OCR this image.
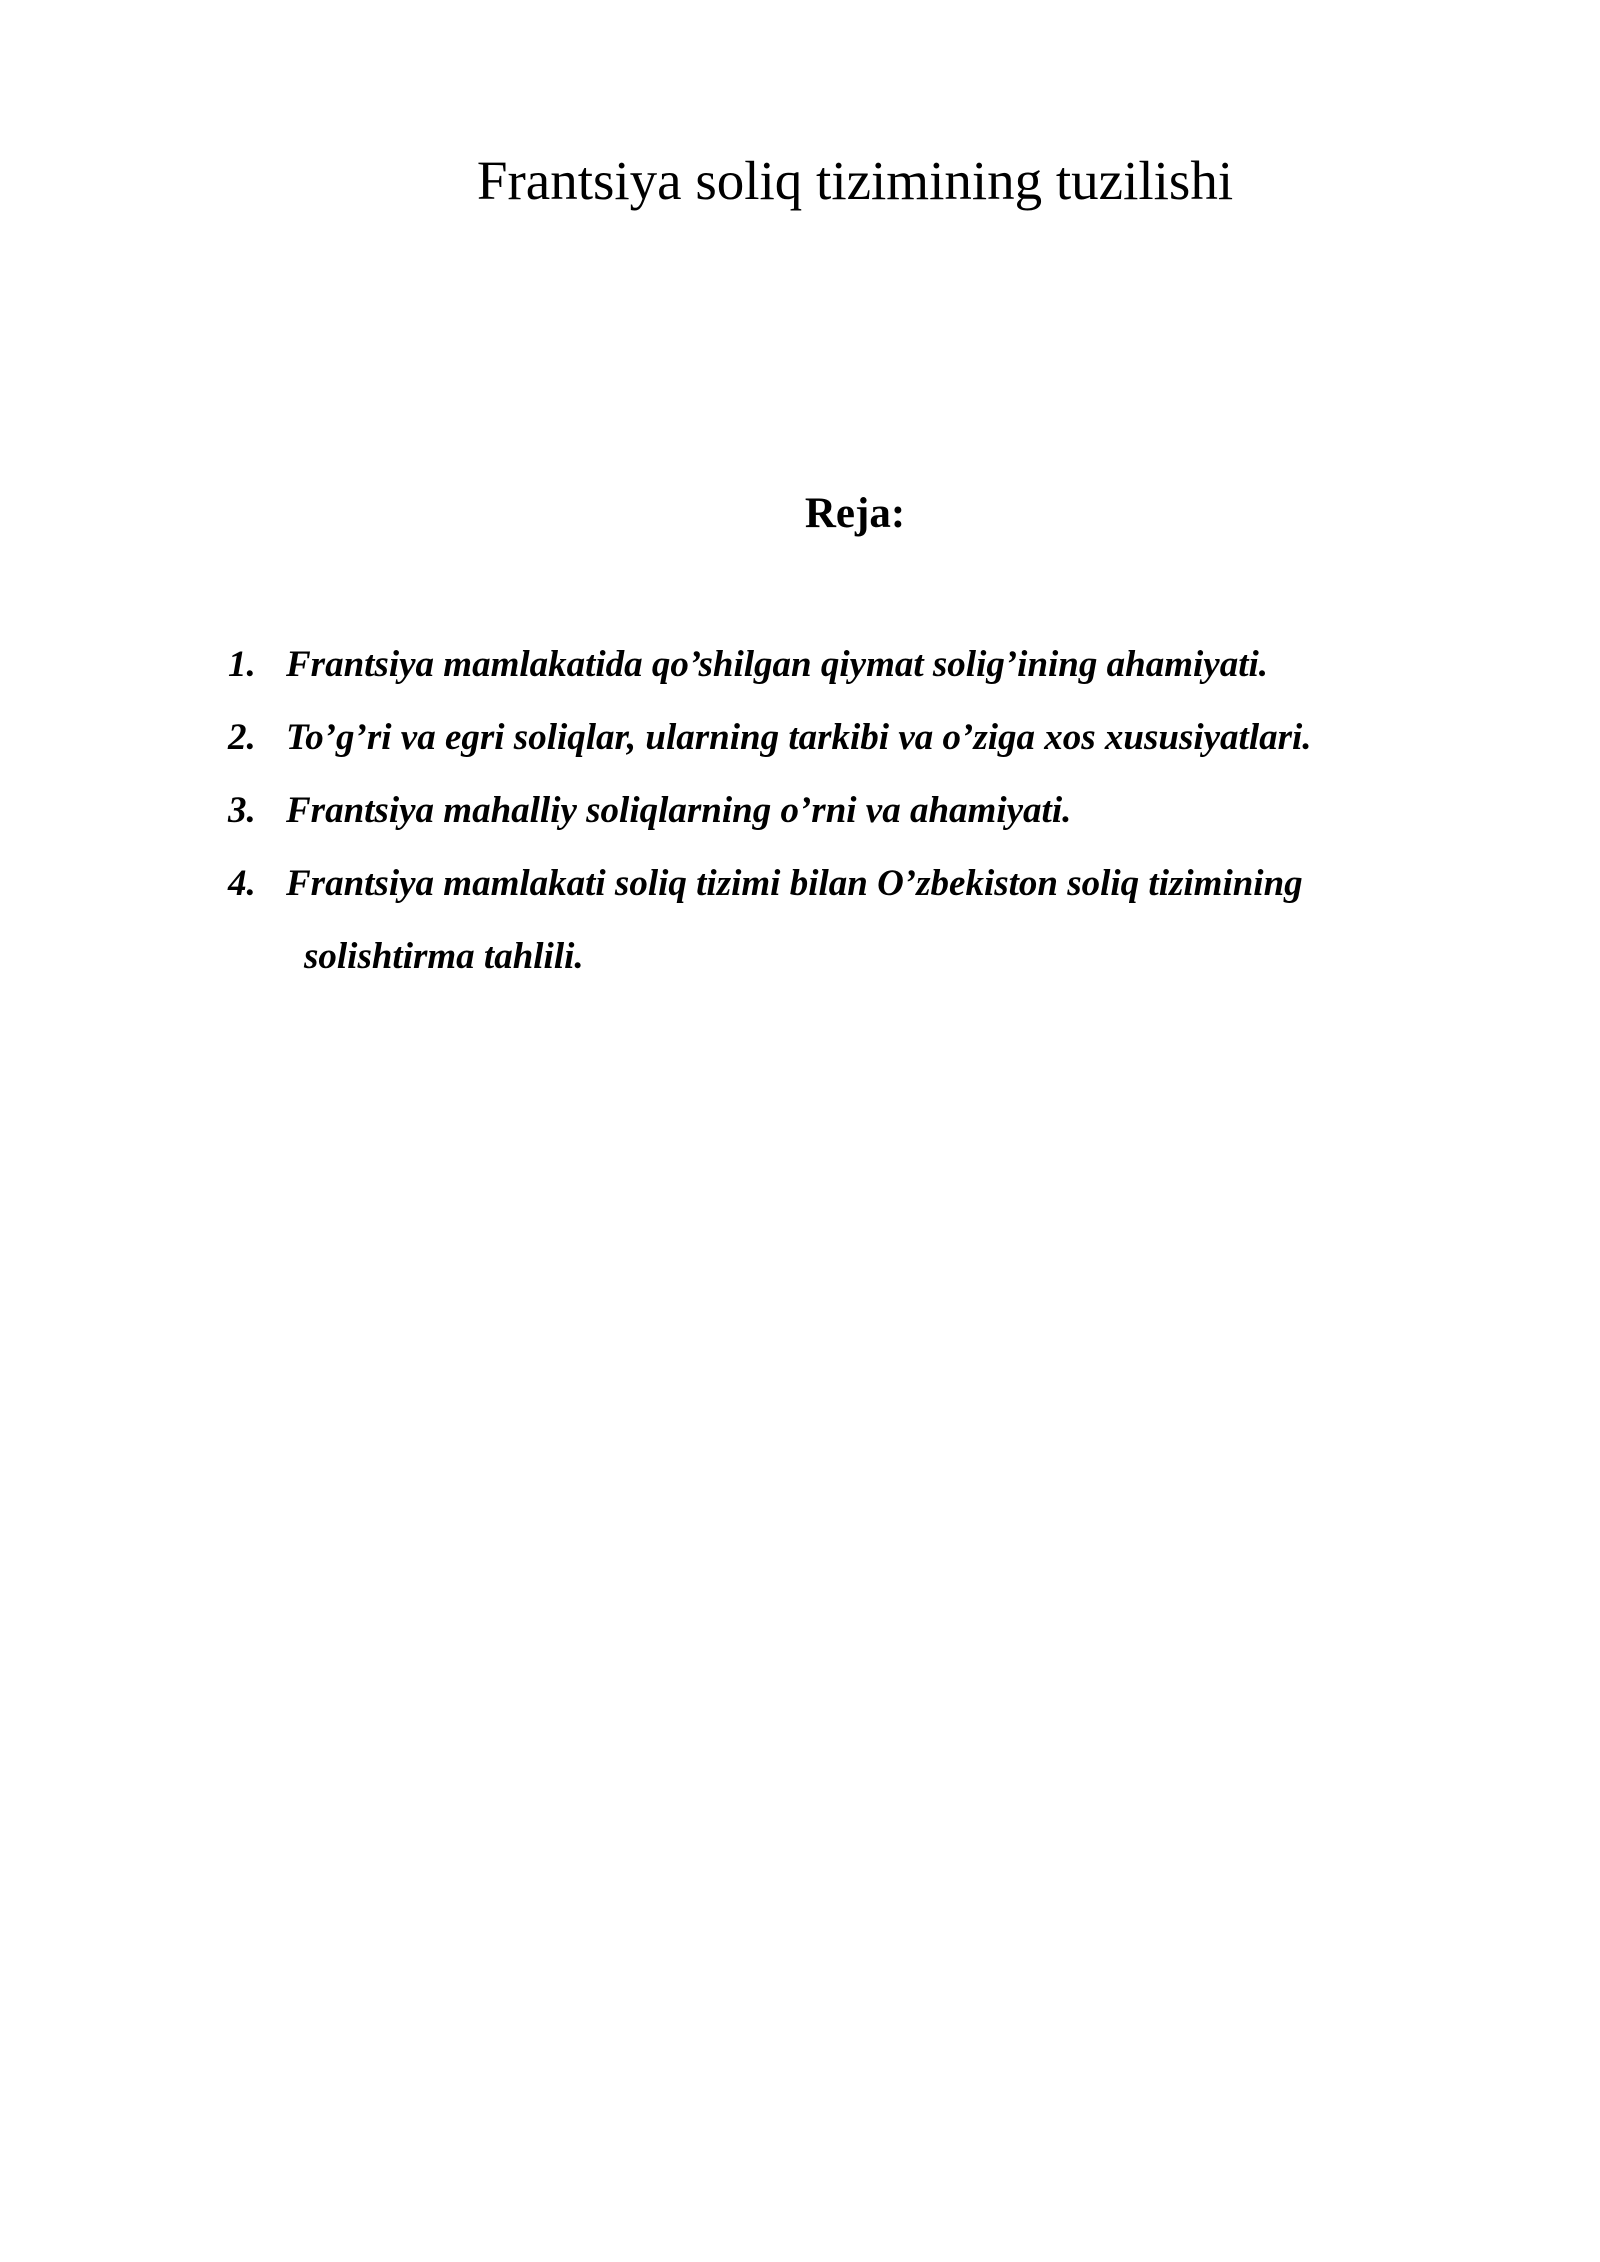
Frantsiya soliq tizimining tuzilishi
Reja:
1. Frantsiya mamlakatida qo’shilgan qiymat solig’ining ahamiyati.
2. To’g’ri va egri soliqlar, ularning tarkibi va o’ziga xos xususiyatlari.
3. Frantsiya mahalliy soliqlarning o’rni va ahamiyati.
4. Frantsiya mamlakati soliq tizimi bilan O’zbekiston soliq tizimining
solishtirma tahlili.
